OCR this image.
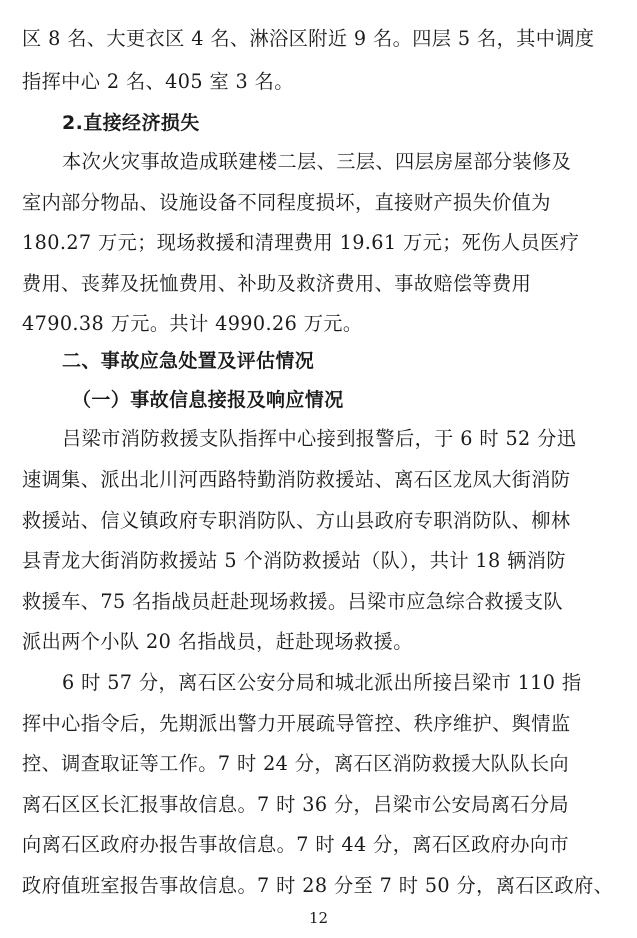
区 8 名、大更衣区 4 名、淋浴区附近 9 名。四层 5 名，其中调度
指挥中心 2 名、405 室 3 名。
2.直接经济损失
本次火灾事故造成联建楼二层、三层、四层房屋部分装修及
室内部分物品、设施设备不同程度损坏，直接财产损失价值为
180.27 万元；现场救援和清理费用 19.61 万元；死伤人员医疗
费用、丧葬及抚恤费用、补助及救济费用、事故赔偿等费用
4790.38 万元。共计 4990.26 万元。
二、事故应急处置及评估情况
（一）事故信息接报及响应情况
吕梁市消防救援支队指挥中心接到报警后，于 6 时 52 分迅
速调集、派出北川河西路特勤消防救援站、离石区龙凤大街消防
救援站、信义镇政府专职消防队、方山县政府专职消防队、柳林
县青龙大街消防救援站 5 个消防救援站（队），共计 18 辆消防
救援车、75 名指战员赶赴现场救援。吕梁市应急综合救援支队
派出两个小队 20 名指战员，赶赴现场救援。
6 时 57 分，离石区公安分局和城北派出所接吕梁市 110 指
挥中心指令后，先期派出警力开展疏导管控、秩序维护、舆情监
控、调查取证等工作。7 时 24 分，离石区消防救援大队队长向
离石区区长汇报事故信息。7 时 36 分，吕梁市公安局离石分局
向离石区政府办报告事故信息。7 时 44 分，离石区政府办向市
政府值班室报告事故信息。7 时 28 分至 7 时 50 分，离石区政府、
12
